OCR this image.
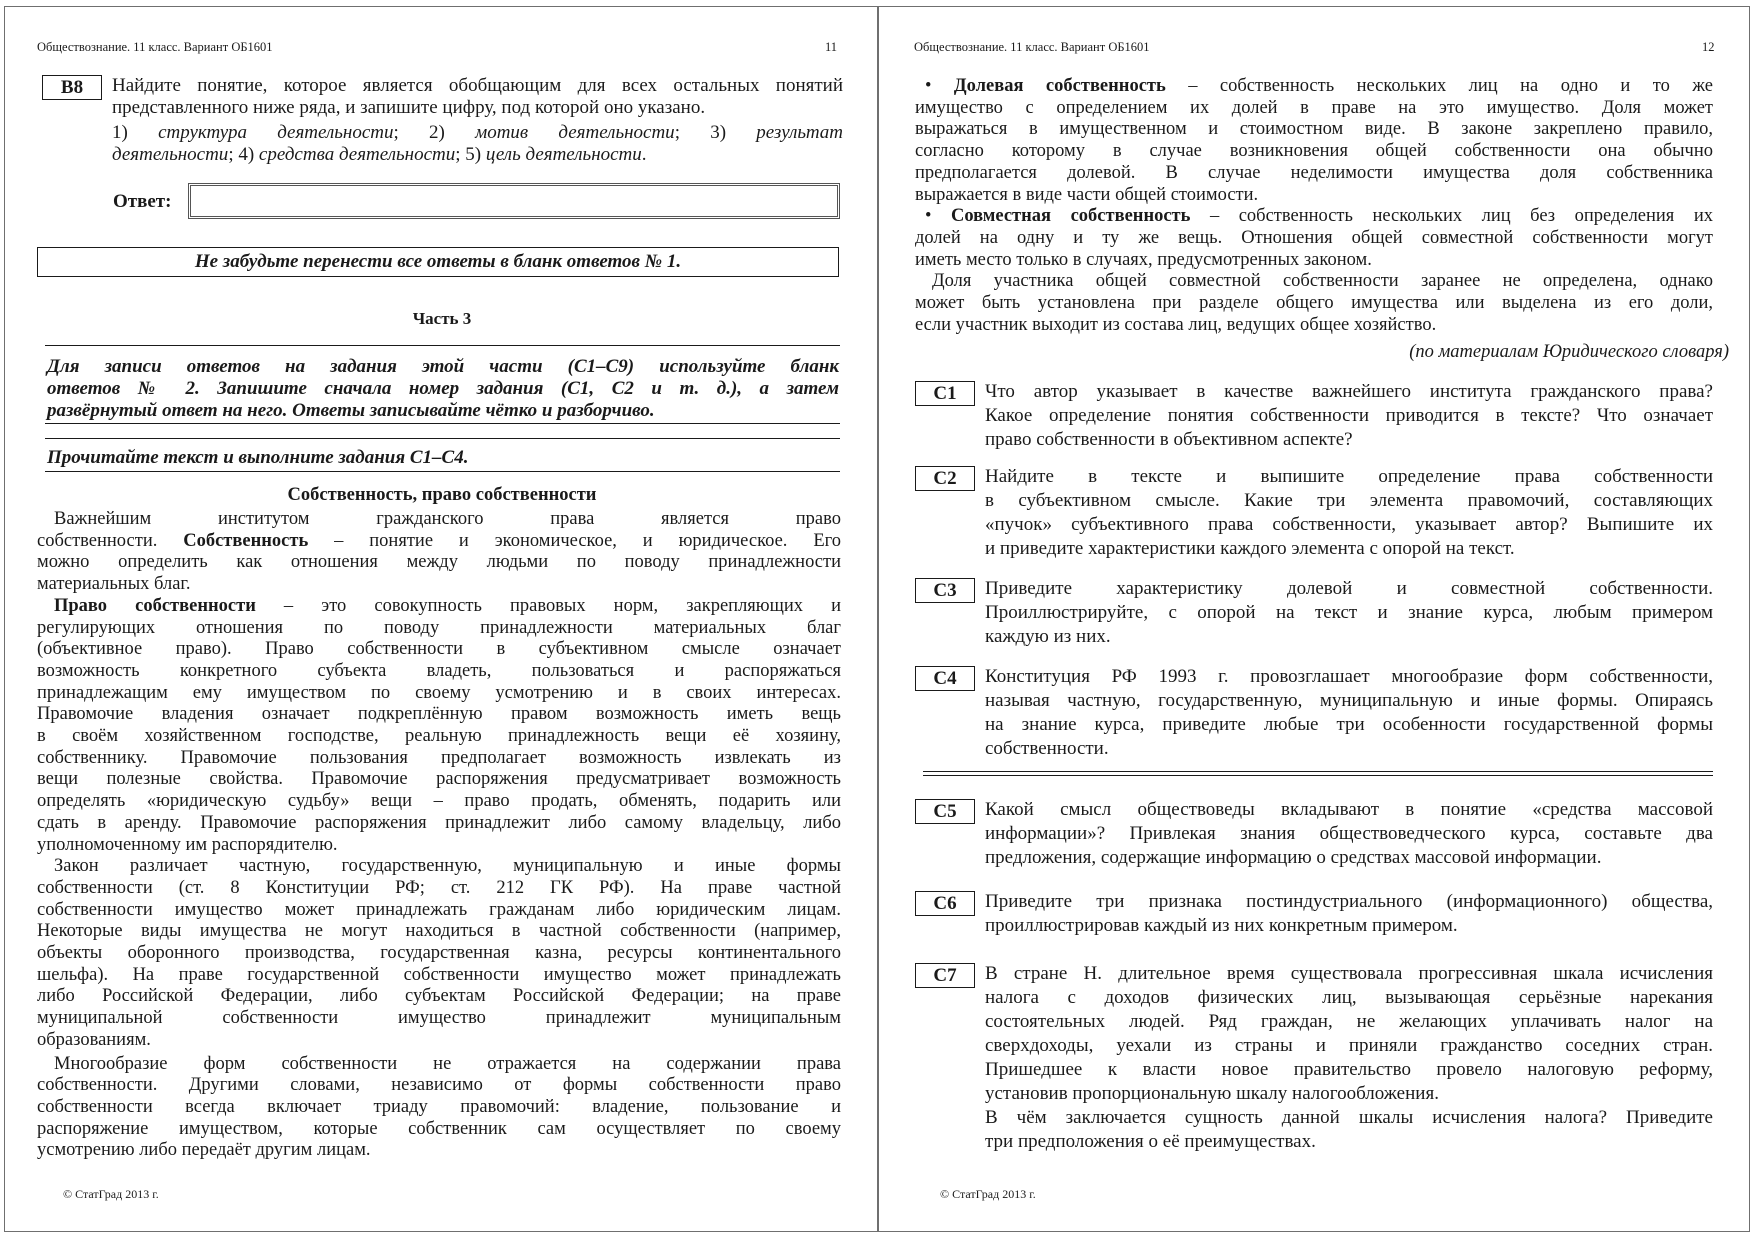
Обществознание. 11 класс. Вариант ОБ1601	11
B8	Найдите понятие, которое является обобщающим для всех остальных понятий
представленного ниже ряда, и запишите цифру, под которой оно указано.
1) структура деятельности; 2) мотив деятельности; 3) результат
деятельности; 4) средства деятельности; 5) цель деятельности.
Ответ:
Не забудьте перенести все ответы в бланк ответов № 1.
Часть 3
Для записи ответов на задания этой части (С1–С9) используйте бланк
ответов № 2. Запишите сначала номер задания (С1, С2 и т. д.), а затем
развёрнутый ответ на него. Ответы записывайте чётко и разборчиво.
Прочитайте текст и выполните задания С1–С4.
Собственность, право собственности
Важнейшим институтом гражданского права является право
собственности. Собственность – понятие и экономическое, и юридическое. Его
можно определить как отношения между людьми по поводу принадлежности
материальных благ.
Право собственности – это совокупность правовых норм, закрепляющих и
регулирующих отношения по поводу принадлежности материальных благ
(объективное право). Право собственности в субъективном смысле означает
возможность конкретного субъекта владеть, пользоваться и распоряжаться
принадлежащим ему имуществом по своему усмотрению и в своих интересах.
Правомочие владения означает подкреплённую правом возможность иметь вещь
в своём хозяйственном господстве, реальную принадлежность вещи её хозяину,
собственнику. Правомочие пользования предполагает возможность извлекать из
вещи полезные свойства. Правомочие распоряжения предусматривает возможность
определять «юридическую судьбу» вещи – право продать, обменять, подарить или
сдать в аренду. Правомочие распоряжения принадлежит либо самому владельцу, либо
уполномоченному им распорядителю.
Закон различает частную, государственную, муниципальную и иные формы
собственности (ст. 8 Конституции РФ; ст. 212 ГК РФ). На праве частной
собственности имущество может принадлежать гражданам либо юридическим лицам.
Некоторые виды имущества не могут находиться в частной собственности (например,
объекты оборонного производства, государственная казна, ресурсы континентального
шельфа). На праве государственной собственности имущество может принадлежать
либо Российской Федерации, либо субъектам Российской Федерации; на праве
муниципальной собственности имущество принадлежит муниципальным
образованиям.
Многообразие форм собственности не отражается на содержании права
собственности. Другими словами, независимо от формы собственности право
собственности всегда включает триаду правомочий: владение, пользование и
распоряжение имуществом, которые собственник сам осуществляет по своему
усмотрению либо передаёт другим лицам.
© СтатГрад 2013 г.
Обществознание. 11 класс. Вариант ОБ1601	12
• Долевая собственность – собственность нескольких лиц на одно и то же
имущество с определением их долей в праве на это имущество. Доля может
выражаться в имущественном и стоимостном виде. В законе закреплено правило,
согласно которому в случае возникновения общей собственности она обычно
предполагается долевой. В случае неделимости имущества доля собственника
выражается в виде части общей стоимости.
• Совместная собственность – собственность нескольких лиц без определения их
долей на одну и ту же вещь. Отношения общей совместной собственности могут
иметь место только в случаях, предусмотренных законом.
Доля участника общей совместной собственности заранее не определена, однако
может быть установлена при разделе общего имущества или выделена из его доли,
если участник выходит из состава лиц, ведущих общее хозяйство.
(по материалам Юридического словаря)
С1	Что автор указывает в качестве важнейшего института гражданского права?
Какое определение понятия собственности приводится в тексте? Что означает
право собственности в объективном аспекте?
С2	Найдите в тексте и выпишите определение права собственности
в субъективном смысле. Какие три элемента правомочий, составляющих
«пучок» субъективного права собственности, указывает автор? Выпишите их
и приведите характеристики каждого элемента с опорой на текст.
С3	Приведите характеристику долевой и совместной собственности.
Проиллюстрируйте, с опорой на текст и знание курса, любым примером
каждую из них.
С4	Конституция РФ 1993 г. провозглашает многообразие форм собственности,
называя частную, государственную, муниципальную и иные формы. Опираясь
на знание курса, приведите любые три особенности государственной формы
собственности.
С5	Какой смысл обществоведы вкладывают в понятие «средства массовой
информации»? Привлекая знания обществоведческого курса, составьте два
предложения, содержащие информацию о средствах массовой информации.
С6	Приведите три признака постиндустриального (информационного) общества,
проиллюстрировав каждый из них конкретным примером.
С7	В стране Н. длительное время существовала прогрессивная шкала исчисления
налога с доходов физических лиц, вызывающая серьёзные нарекания
состоятельных людей. Ряд граждан, не желающих уплачивать налог на
сверхдоходы, уехали из страны и приняли гражданство соседних стран.
Пришедшее к власти новое правительство провело налоговую реформу,
установив пропорциональную шкалу налогообложения.
В чём заключается сущность данной шкалы исчисления налога? Приведите
три предположения о её преимуществах.
© СтатГрад 2013 г.
